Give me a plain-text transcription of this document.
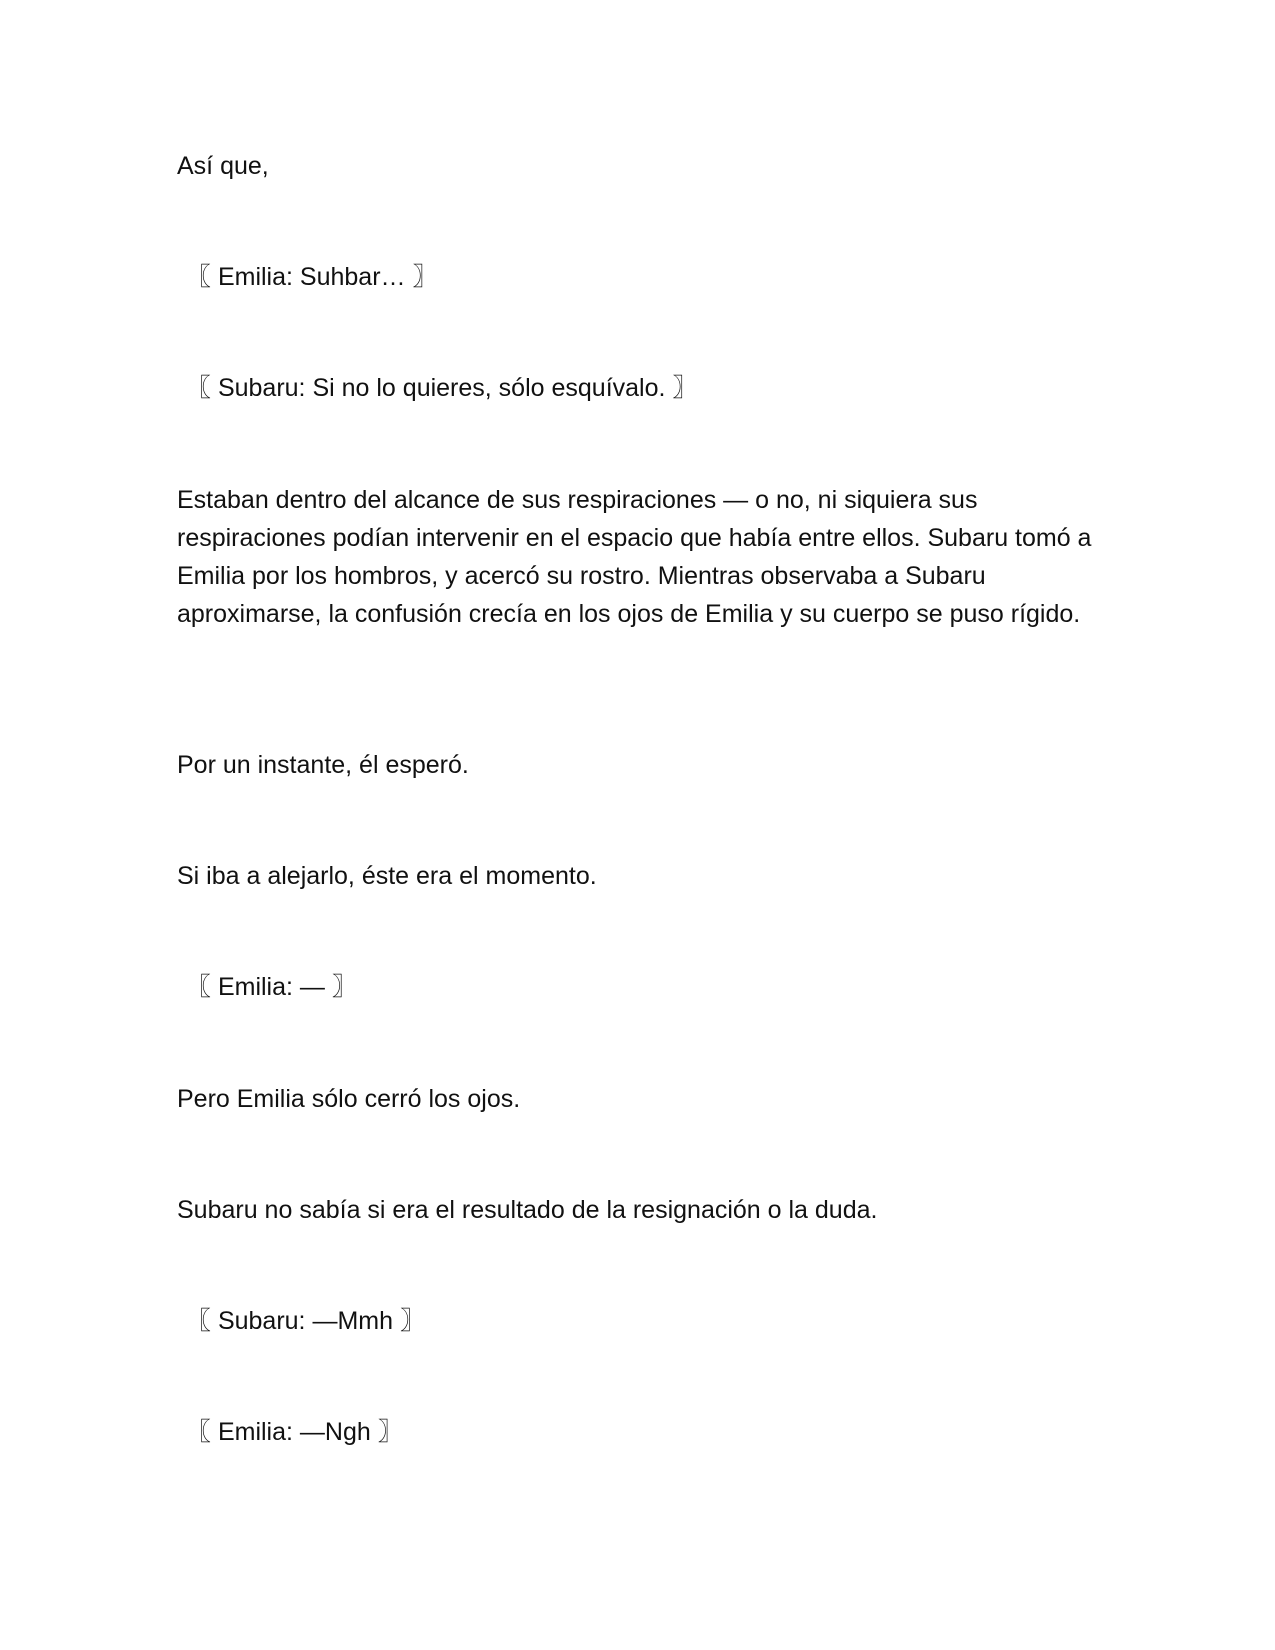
Así que,

〖 Emilia: Suhbar… 〗

〖 Subaru: Si no lo quieres, sólo esquívalo. 〗

Estaban dentro del alcance de sus respiraciones — o no, ni siquiera sus respiraciones podían intervenir en el espacio que había entre ellos. Subaru tomó a Emilia por los hombros, y acercó su rostro. Mientras observaba a Subaru aproximarse, la confusión crecía en los ojos de Emilia y su cuerpo se puso rígido.

Por un instante, él esperó.

Si iba a alejarlo, éste era el momento.

〖 Emilia: — 〗

Pero Emilia sólo cerró los ojos.

Subaru no sabía si era el resultado de la resignación o la duda.

〖 Subaru: —Mmh 〗

〖 Emilia: —Ngh 〗
